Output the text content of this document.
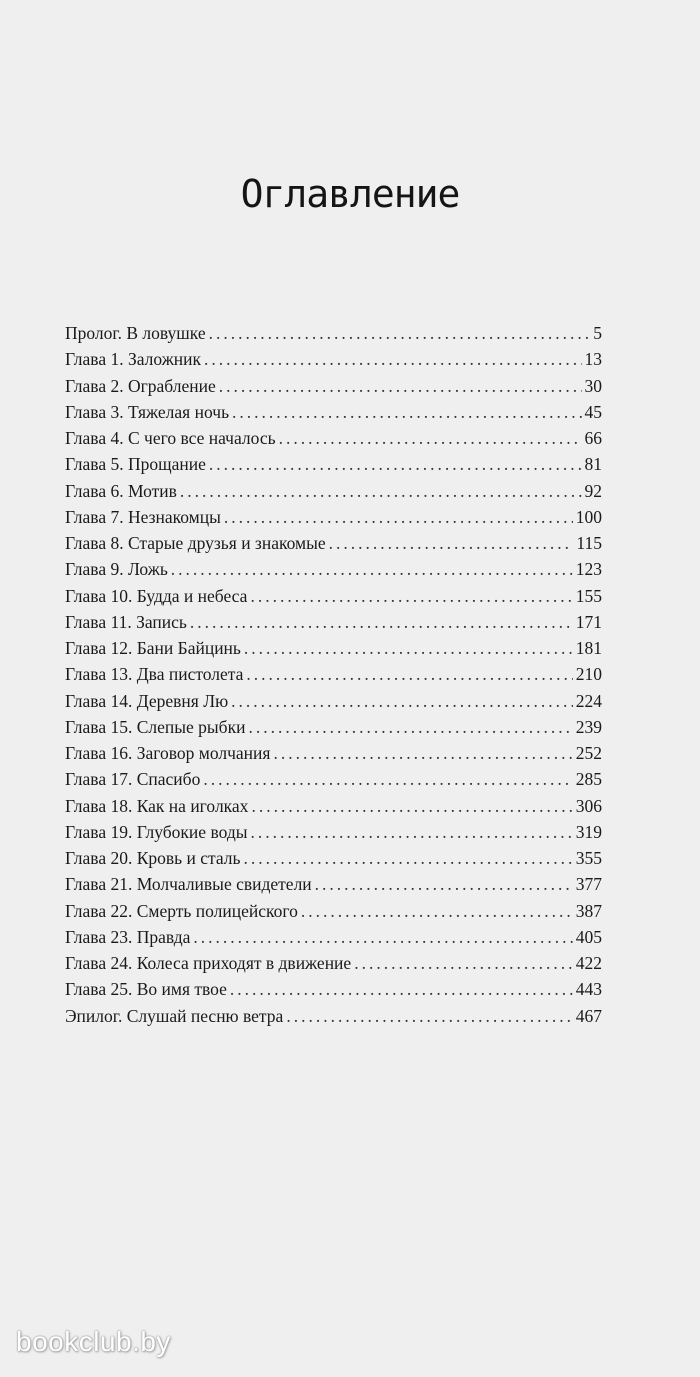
Оглавление
Пролог. В ловушке .....	5
Глава 1. Заложник .....	13
Глава 2. Ограбление .....	30
Глава 3. Тяжелая ночь .....	45
Глава 4. С чего все началось .....	66
Глава 5. Прощание .....	81
Глава 6. Мотив .....	92
Глава 7. Незнакомцы .....	100
Глава 8. Старые друзья и знакомые .....	115
Глава 9. Ложь .....	123
Глава 10. Будда и небеса .....	155
Глава 11. Запись .....	171
Глава 12. Бани Байцинь .....	181
Глава 13. Два пистолета .....	210
Глава 14. Деревня Лю .....	224
Глава 15. Слепые рыбки .....	239
Глава 16. Заговор молчания .....	252
Глава 17. Спасибо .....	285
Глава 18. Как на иголках .....	306
Глава 19. Глубокие воды .....	319
Глава 20. Кровь и сталь .....	355
Глава 21. Молчаливые свидетели .....	377
Глава 22. Смерть полицейского .....	387
Глава 23. Правда .....	405
Глава 24. Колеса приходят в движение .....	422
Глава 25. Во имя твое .....	443
Эпилог. Слушай песню ветра .....	467
bookclub.by
